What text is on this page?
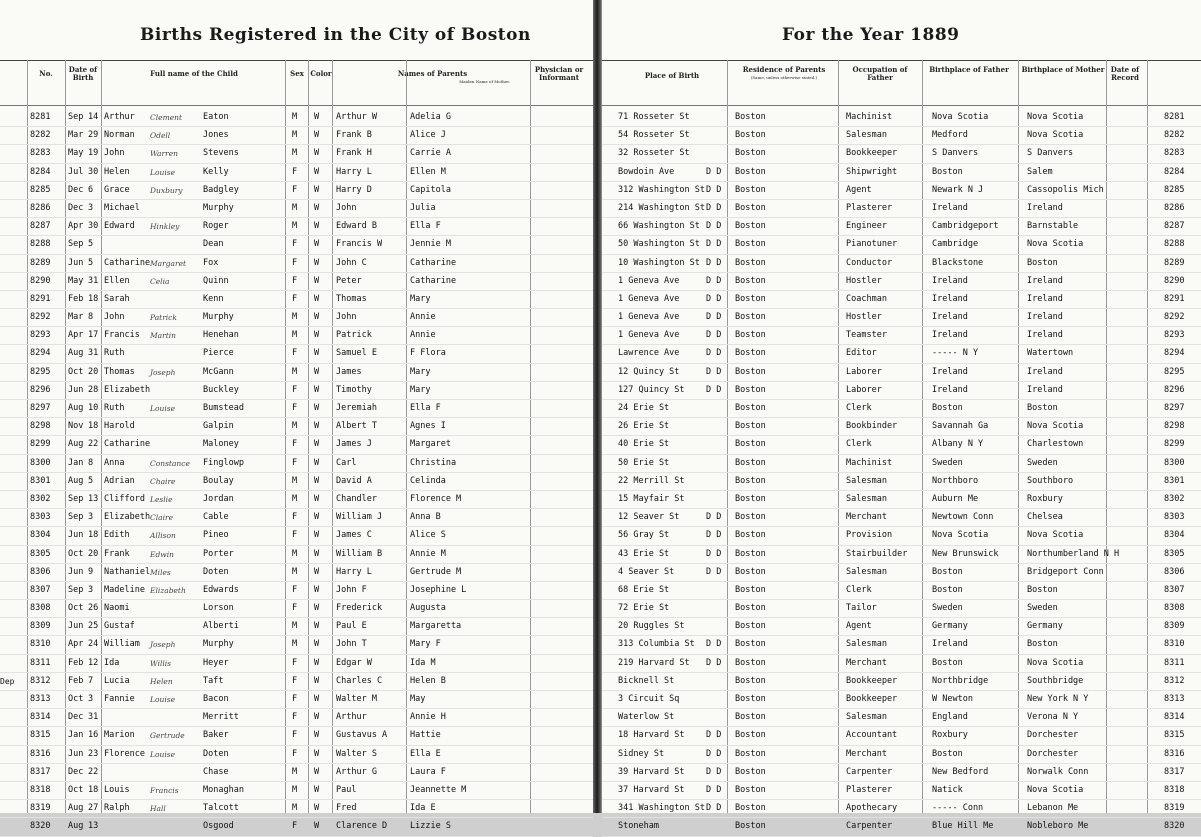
Births Registered in the City of Boston
No.	Date of Birth	Full name of the Child	Sex Color	Names of Parents
Maiden Name of Mother.
Physician or Informant
8281	Sep 14 Arthur	Clement	Eaton	M	W	Arthur W	Adelia G
8282	Mar 29 Norman	Odell	Jones	M	W	Frank B	Alice J
8283	May 19 John	Warren	Stevens	M	W	Frank H	Carrie A
8284	Jul 30 Helen	Louise	Kelly	F	W	Harry L	Ellen M
8285	Dec 6	Grace	Duxbury	Badgley	F	W	Harry D	Capitola
8286	Dec 3	Michael	Murphy	M	W	John	Julia
8287	Apr 30 Edward	Hinkley	Roger	M	W	Edward B	Ella F
8288	Sep 5	Dean	F	W	Francis W	Jennie M
8289	Jun 5	Catharine Margaret	Fox	F	W	John C	Catharine
8290	May 31 Ellen	Celia	Quinn	F	W	Peter	Catharine
8291	Feb 18 Sarah	Kenn	F	W	Thomas	Mary
8292	Mar 8	John	Patrick	Murphy	M	W	John	Annie
8293	Apr 17 Francis	Martin	Henehan	M	W	Patrick	Annie
8294	Aug 31 Ruth	Pierce	F	W	Samuel E	F Flora
8295	Oct 20 Thomas	Joseph	McGann	M	W	James	Mary
8296	Jun 28 Elizabeth	Buckley	F	W	Timothy	Mary
8297	Aug 10 Ruth	Louise	Bumstead	F	W	Jeremiah	Ella F
8298	Nov 18 Harold	Galpin	M	W	Albert T	Agnes I
8299	Aug 22 Catharine	Maloney	F	W	James J	Margaret
8300	Jan 8	Anna	Constance	Finglowp	F	W	Carl	Christina
8301	Aug 5	Adrian	Chaire	Boulay	M	W	David A	Celinda
8302	Sep 13 Clifford Leslie	Jordan	M	W	Chandler	Florence M
8303	Sep 3	Elizabeth Claire	Cable	F	W	William J	Anna B
8304	Jun 18 Edith	Allison	Pineo	F	W	James C	Alice S
8305	Oct 20 Frank	Edwin	Porter	M	W	William B	Annie M
8306	Jun 9	Nathaniel Miles	Doten	M	W	Harry L	Gertrude M
8307	Sep 3	Madeline Elizabeth	Edwards	F	W	John F	Josephine L
8308	Oct 26 Naomi	Lorson	F	W	Frederick	Augusta
8309	Jun 25 Gustaf	Alberti	M	W	Paul E	Margaretta
8310	Apr 24 William	Joseph	Murphy	M	W	John T	Mary F
8311	Feb 12 Ida	Willis	Heyer	F	W	Edgar W	Ida M
Dep 8312	Feb 7	Lucia	Helen	Taft	F	W	Charles C	Helen B
8313	Oct 3	Fannie	Louise	Bacon	F	W	Walter M	May
8314	Dec 31	Merritt	F	W	Arthur	Annie H
8315	Jan 16 Marion	Gertrude	Baker	F	W	Gustavus A	Hattie
8316	Jun 23 Florence Louise	Doten	F	W	Walter S	Ella E
8317	Dec 22	Chase	M	W	Arthur G	Laura F
8318	Oct 18 Louis	Francis	Monaghan	M	W	Paul	Jeannette M
8319	Aug 27 Ralph	Hall	Talcott	M	W	Fred	Ida E
8320	Aug 13	Osgood	F	W	Clarence D	Lizzie S
For the Year 1889
Place of Birth
Residence of Parents
(Same, unless otherwise stated.)
Occupation of Father
Birthplace of Father	Birthplace of Mother Date of Record
71 Rosseter St	Boston	Machinist	Nova Scotia	Nova Scotia	8281
54 Rosseter St	Boston	Salesman	Medford	Nova Scotia	8282
32 Rosseter St	Boston	Bookkeeper	S Danvers	S Danvers	8283
Bowdoin Ave	D D	Boston	Shipwright	Boston	Salem	8284
312 Washington St D D	Boston	Agent	Newark N J	Cassopolis Mich	8285
214 Washington St D D	Boston	Plasterer	Ireland	Ireland	8286
66 Washington St D D	Boston	Engineer	Cambridgeport	Barnstable	8287
50 Washington St D D	Boston	Pianotuner	Cambridge	Nova Scotia	8288
10 Washington St D D	Boston	Conductor	Blackstone	Boston	8289
1 Geneva Ave	D D	Boston	Hostler	Ireland	Ireland	8290
1 Geneva Ave	D D	Boston	Coachman	Ireland	Ireland	8291
1 Geneva Ave	D D	Boston	Hostler	Ireland	Ireland	8292
1 Geneva Ave	D D	Boston	Teamster	Ireland	Ireland	8293
Lawrence Ave	D D	Boston	Editor	----- N Y	Watertown	8294
12 Quincy St	D D	Boston	Laborer	Ireland	Ireland	8295
127 Quincy St	D D	Boston	Laborer	Ireland	Ireland	8296
24 Erie St	Boston	Clerk	Boston	Boston	8297
26 Erie St	Boston	Bookbinder	Savannah Ga	Nova Scotia	8298
40 Erie St	Boston	Clerk	Albany N Y	Charlestown	8299
50 Erie St	Boston	Machinist	Sweden	Sweden	8300
22 Merrill St	Boston	Salesman	Northboro	Southboro	8301
15 Mayfair St	Boston	Salesman	Auburn Me	Roxbury	8302
12 Seaver St	D D	Boston	Merchant	Newtown Conn	Chelsea	8303
56 Gray St	D D	Boston	Provision	Nova Scotia	Nova Scotia	8304
43 Erie St	D D	Boston	Stairbuilder	New Brunswick	Northumberland N H	8305
4 Seaver St	D D	Boston	Salesman	Boston	Bridgeport Conn	8306
68 Erie St	Boston	Clerk	Boston	Boston	8307
72 Erie St	Boston	Tailor	Sweden	Sweden	8308
20 Ruggles St	Boston	Agent	Germany	Germany	8309
313 Columbia St	D D	Boston	Salesman	Ireland	Boston	8310
219 Harvard St	D D	Boston	Merchant	Boston	Nova Scotia	8311
Bicknell St	Boston	Bookkeeper	Northbridge	Southbridge	8312
3 Circuit Sq	Boston	Bookkeeper	W Newton	New York N Y	8313
Waterlow St	Boston	Salesman	England	Verona N Y	8314
18 Harvard St	D D	Boston	Accountant	Roxbury	Dorchester	8315
Sidney St	D D	Boston	Merchant	Boston	Dorchester	8316
39 Harvard St	D D	Boston	Carpenter	New Bedford	Norwalk Conn	8317
37 Harvard St	D D	Boston	Plasterer	Natick	Nova Scotia	8318
341 Washington St D D	Boston	Apothecary	----- Conn	Lebanon Me	8319
Stoneham	Boston	Carpenter	Blue Hill Me	Nobleboro Me	8320
